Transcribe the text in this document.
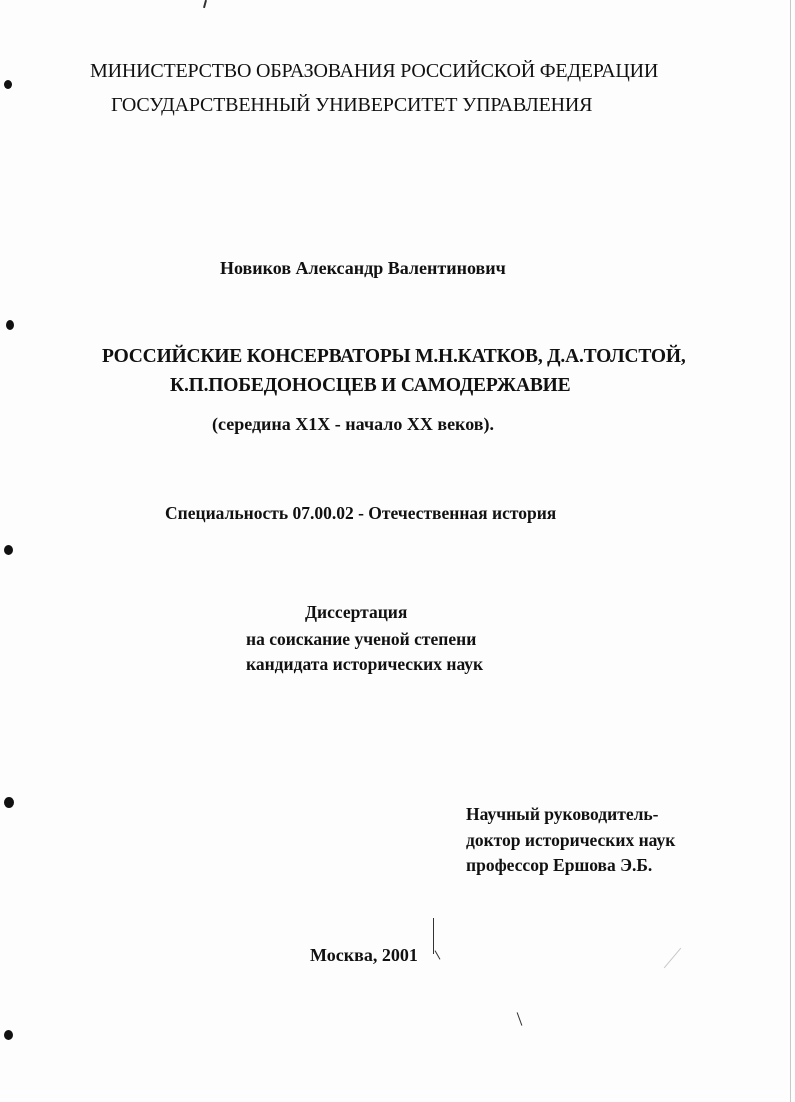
МИНИСТЕРСТВО ОБРАЗОВАНИЯ РОССИЙСКОЙ ФЕДЕРАЦИИ
ГОСУДАРСТВЕННЫЙ УНИВЕРСИТЕТ УПРАВЛЕНИЯ
Новиков Александр Валентинович
РОССИЙСКИЕ КОНСЕРВАТОРЫ М.Н.КАТКОВ, Д.А.ТОЛСТОЙ,
К.П.ПОБЕДОНОСЦЕВ И САМОДЕРЖАВИЕ
(середина Х1Х - начало ХХ веков).
Специальность 07.00.02 - Отечественная история
Диссертация
на соискание ученой степени
кандидата исторических наук
Научный руководитель-
доктор исторических наук
профессор Ершова Э.Б.
Москва, 2001
